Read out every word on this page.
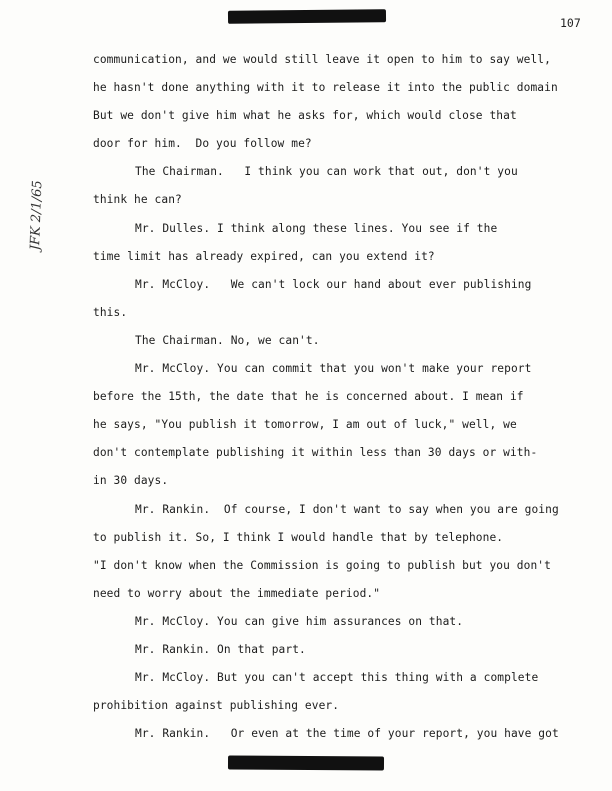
107
JFK 2/1/65
communication, and we would still leave it open to him to say well,
he hasn't done anything with it to release it into the public domain
But we don't give him what he asks for, which would close that
door for him.  Do you follow me?
The Chairman.   I think you can work that out, don't you
think he can?
Mr. Dulles. I think along these lines. You see if the
time limit has already expired, can you extend it?
Mr. McCloy.   We can't lock our hand about ever publishing
this.
The Chairman. No, we can't.
Mr. McCloy. You can commit that you won't make your report
before the 15th, the date that he is concerned about. I mean if
he says, "You publish it tomorrow, I am out of luck," well, we
don't contemplate publishing it within less than 30 days or with-
in 30 days.
Mr. Rankin.  Of course, I don't want to say when you are going
to publish it. So, I think I would handle that by telephone.
"I don't know when the Commission is going to publish but you don't
need to worry about the immediate period."
Mr. McCloy. You can give him assurances on that.
Mr. Rankin. On that part.
Mr. McCloy. But you can't accept this thing with a complete
prohibition against publishing ever.
Mr. Rankin.   Or even at the time of your report, you have got
